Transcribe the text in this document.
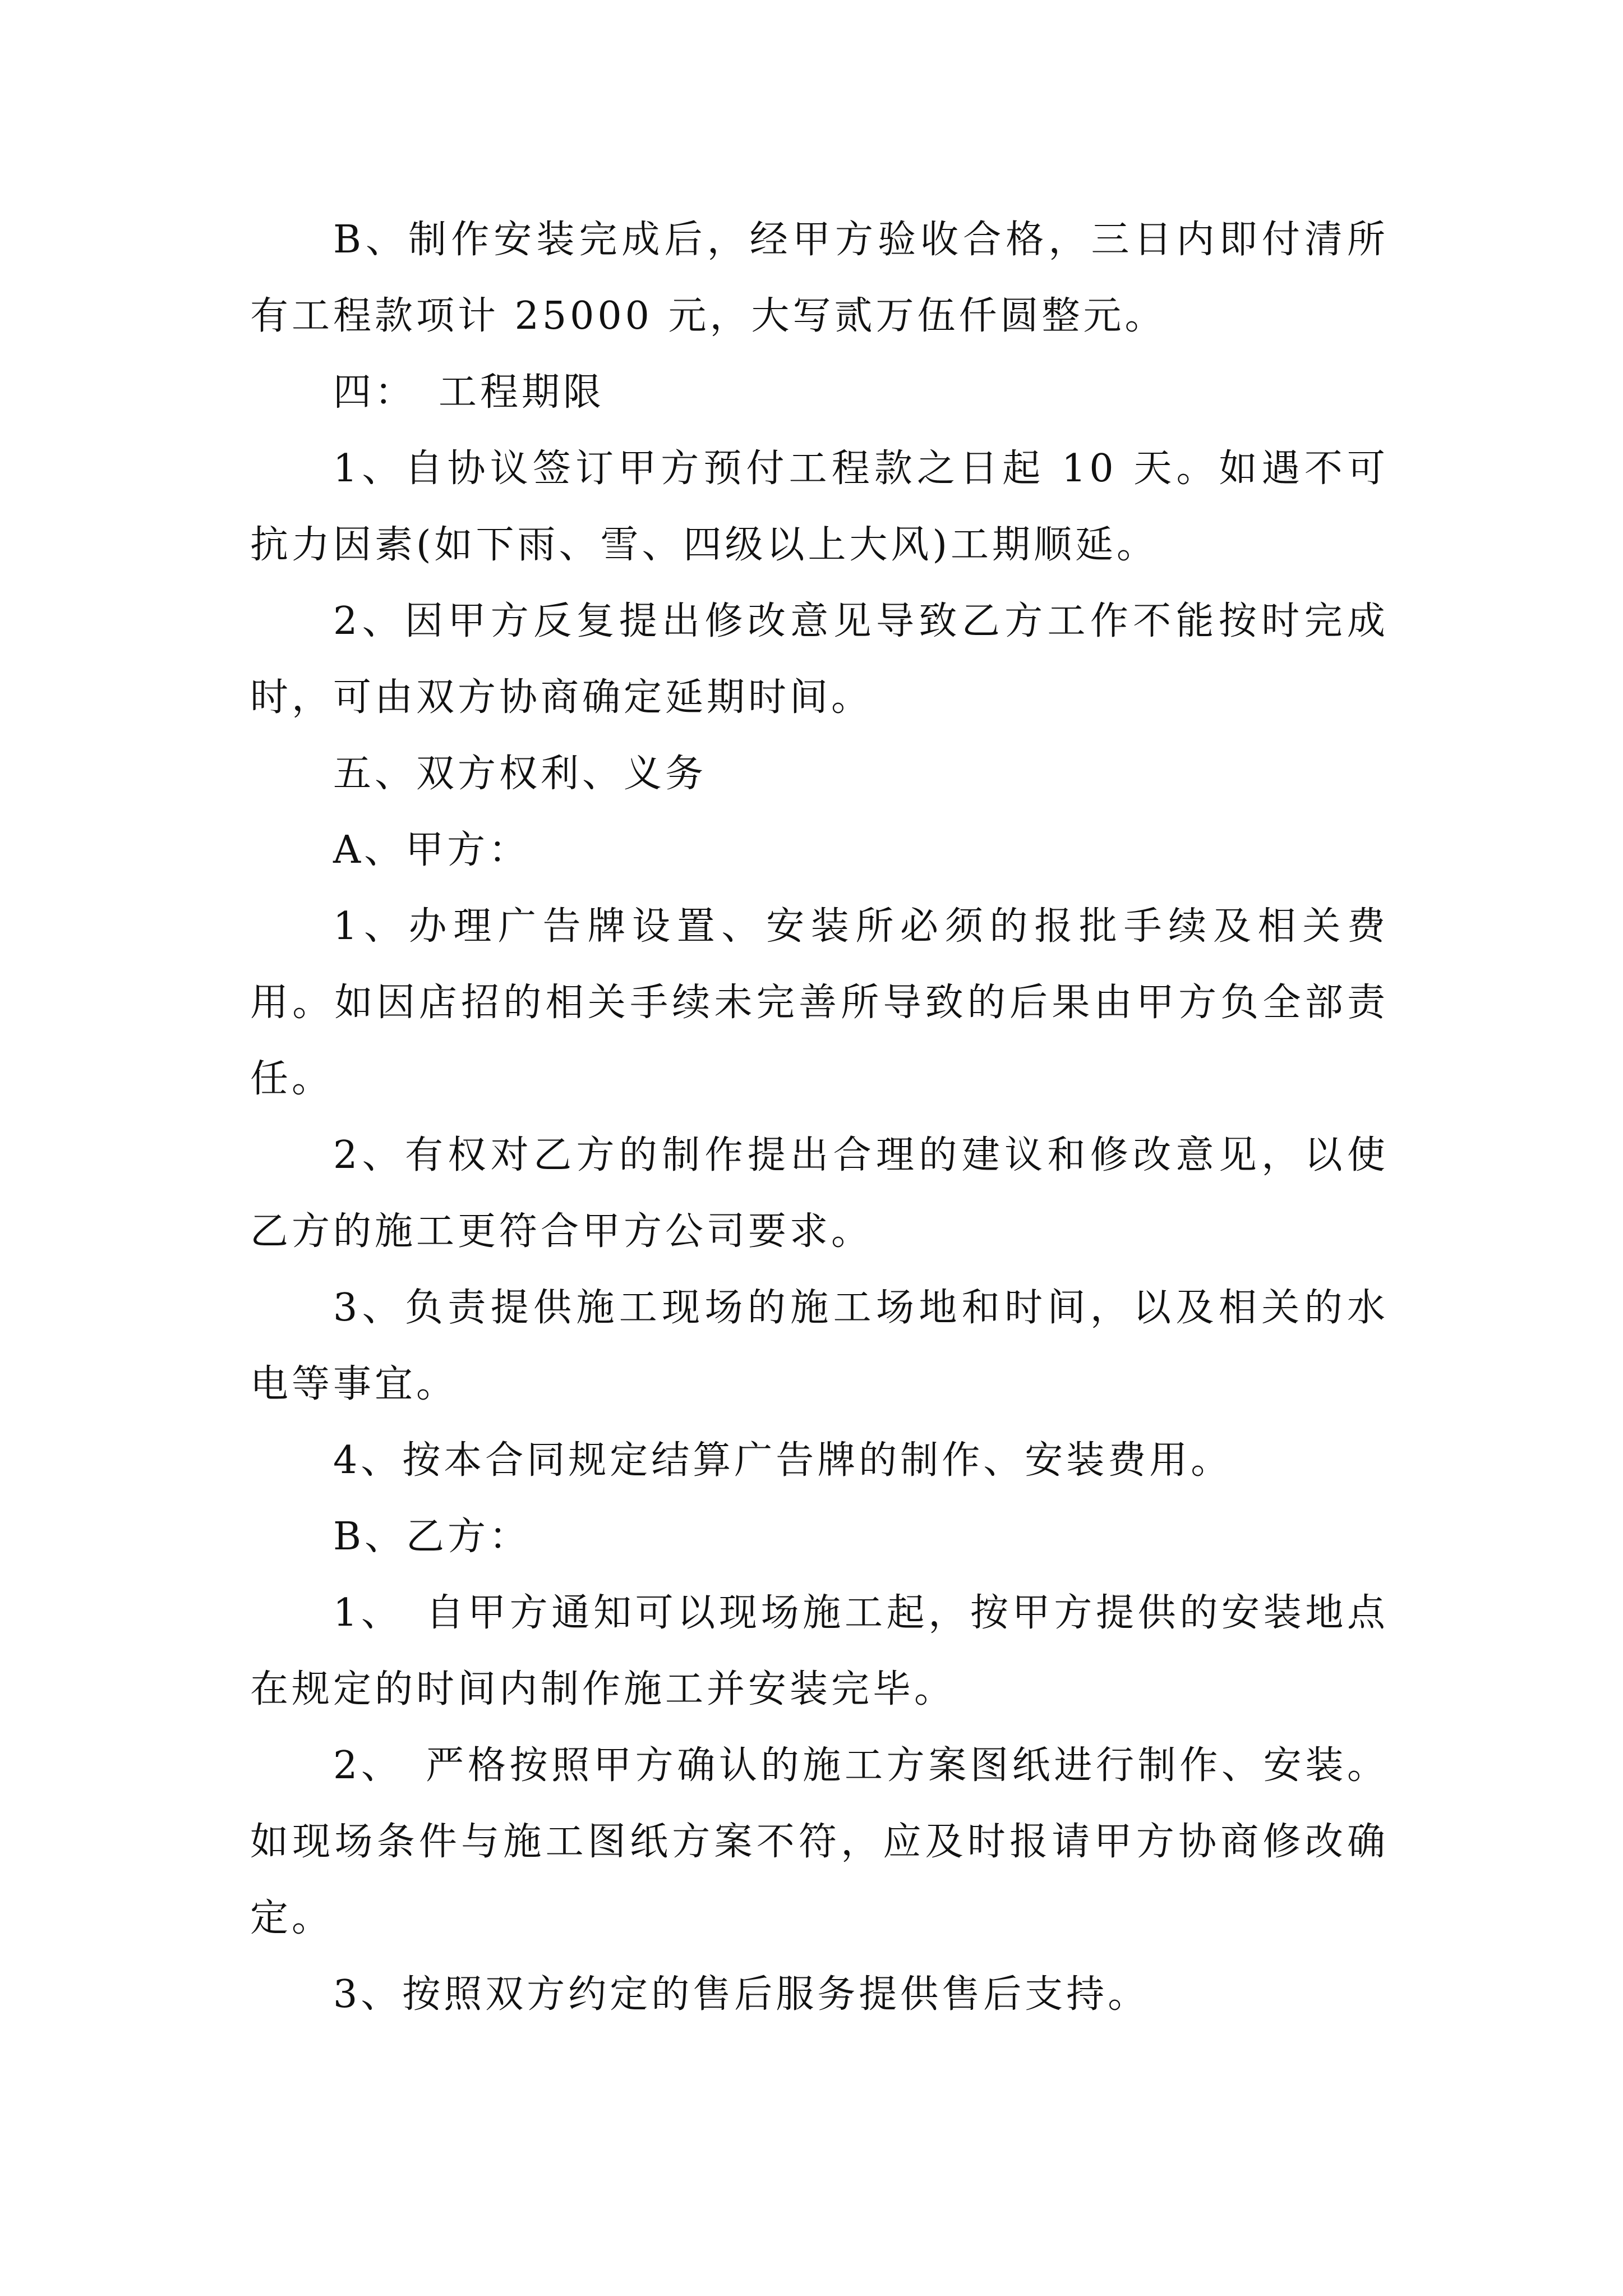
B、制作安装完成后，经甲方验收合格，三日内即付清所有工程款项计 25000 元，大写贰万伍仟圆整元。

四：　工程期限

1、自协议签订甲方预付工程款之日起 10 天。如遇不可抗力因素(如下雨、雪、四级以上大风)工期顺延。

2、因甲方反复提出修改意见导致乙方工作不能按时完成时，可由双方协商确定延期时间。

五、双方权利、义务

A、甲方：

1、办理广告牌设置、安装所必须的报批手续及相关费用。如因店招的相关手续未完善所导致的后果由甲方负全部责任。

2、有权对乙方的制作提出合理的建议和修改意见，以使乙方的施工更符合甲方公司要求。

3、负责提供施工现场的施工场地和时间，以及相关的水电等事宜。

4、按本合同规定结算广告牌的制作、安装费用。

B、乙方：

1、　自甲方通知可以现场施工起，按甲方提供的安装地点在规定的时间内制作施工并安装完毕。

2、　严格按照甲方确认的施工方案图纸进行制作、安装。如现场条件与施工图纸方案不符，应及时报请甲方协商修改确定。

3、按照双方约定的售后服务提供售后支持。
